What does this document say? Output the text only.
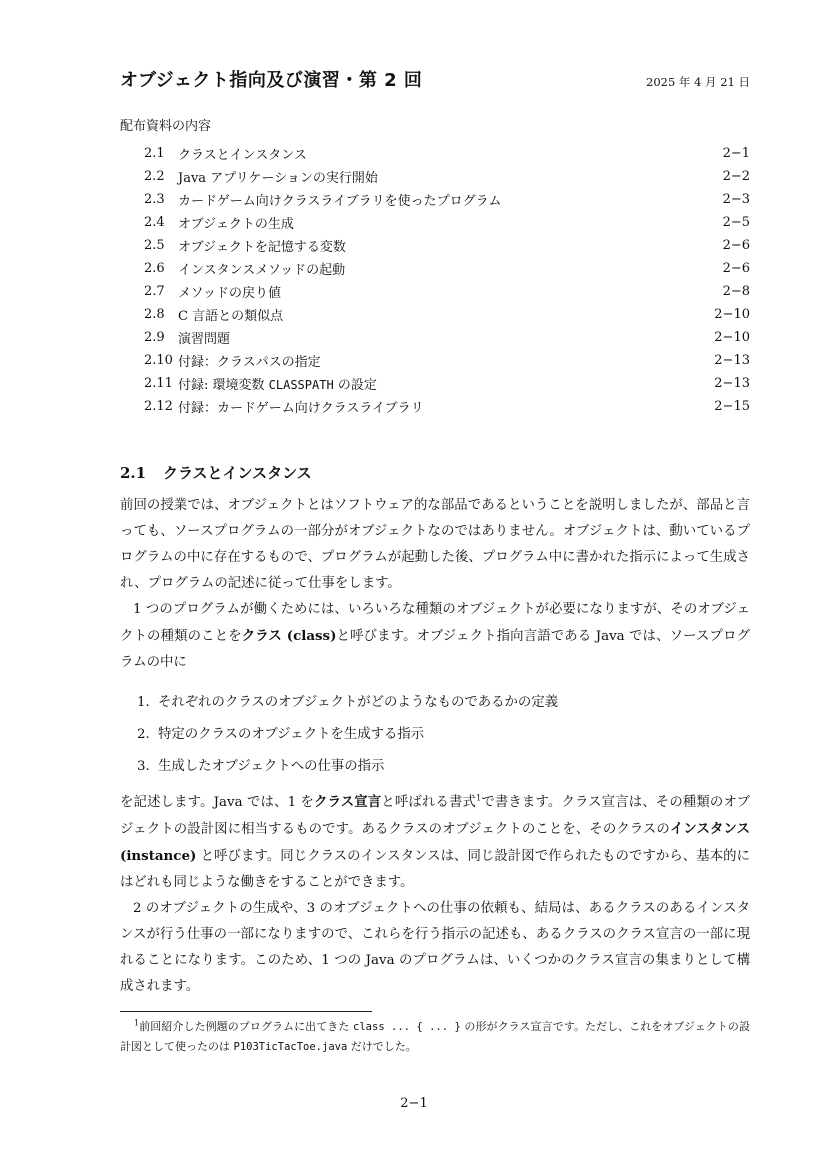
オブジェクト指向及び演習・第 2 回	2025 年 4 月 21 日
配布資料の内容
2.1	クラスとインスタンス	2−1
2.2	Java アプリケーションの実行開始	2−2
2.3	カードゲーム向けクラスライブラリを使ったプログラム	2−3
2.4	オブジェクトの生成	2−5
2.5	オブジェクトを記憶する変数	2−6
2.6	インスタンスメソッドの起動	2−6
2.7	メソッドの戻り値	2−8
2.8	C 言語との類似点	2−10
2.9	演習問題	2−10
2.10 付録：クラスパスの指定	2−13
2.11 付録: 環境変数 CLASSPATH の設定	2−13
2.12 付録：カードゲーム向けクラスライブラリ	2−15
2.1 クラスとインスタンス

前回の授業では、オブジェクトとはソフトウェア的な部品であるということを説明しましたが、部品と言っても、ソースプログラムの一部分がオブジェクトなのではありません。オブジェクトは、動いているプログラムの中に存在するもので、プログラムが起動した後、プログラム中に書かれた指示によって生成され、プログラムの記述に従って仕事をします。

1 つのプログラムが働くためには、いろいろな種類のオブジェクトが必要になりますが、そのオブジェクトの種類のことをクラス (class)と呼びます。オブジェクト指向言語である Java では、ソースプログラムの中に

1. それぞれのクラスのオブジェクトがどのようなものであるかの定義
2. 特定のクラスのオブジェクトを生成する指示
3. 生成したオブジェクトへの仕事の指示

を記述します。Java では、1 をクラス宣言と呼ばれる書式$^1$で書きます。クラス宣言は、その種類のオブジェクトの設計図に相当するものです。あるクラスのオブジェクトのことを、そのクラスのインスタンス (instance) と呼びます。同じクラスのインスタンスは、同じ設計図で作られたものですから、基本的にはどれも同じような働きをすることができます。

2 のオブジェクトの生成や、3 のオブジェクトへの仕事の依頼も、結局は、あるクラスのあるインスタンスが行う仕事の一部になりますので、これらを行う指示の記述も、あるクラスのクラス宣言の一部に現れることになります。このため、1 つの Java のプログラムは、いくつかのクラス宣言の集まりとして構成されます。

$^1$前回紹介した例題のプログラムに出てきた class ... { ... } の形がクラス宣言です。ただし、これをオブジェクトの設計図として使ったのは P103TicTacToe.java だけでした。

2−1
